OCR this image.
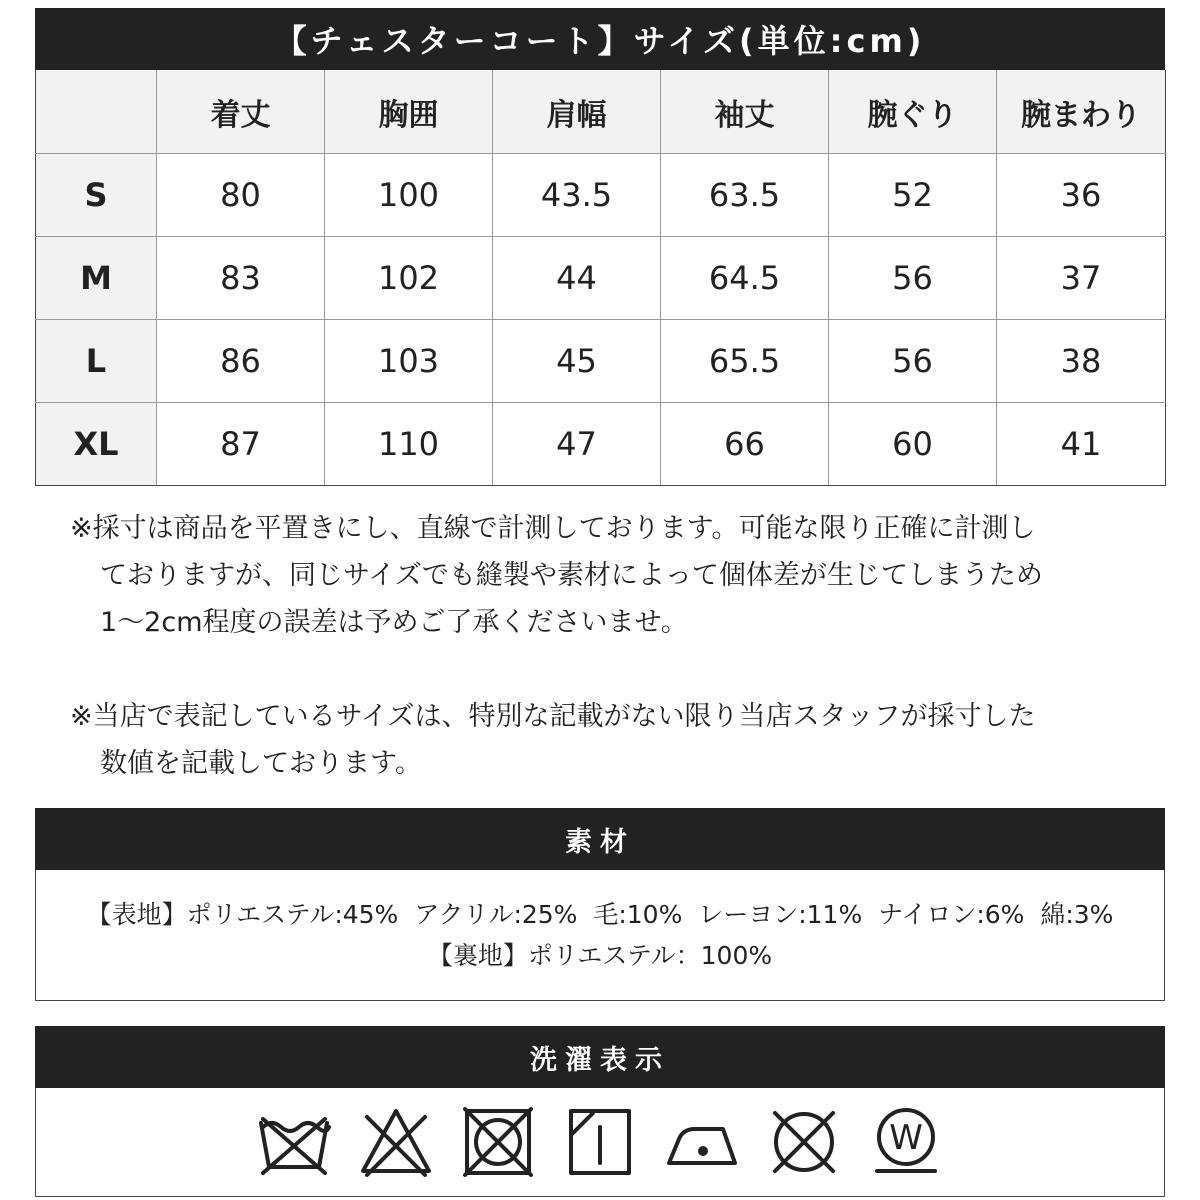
【チェスターコート】サイズ(単位:cm)
	着丈	胸囲	肩幅	袖丈	腕ぐり	腕まわり
S	80	100	43.5	63.5	52	36
M	83	102	44	64.5	56	37
L	86	103	45	65.5	56	38
XL	87	110	47	66	60	41
※採寸は商品を平置きにし、直線で計測しております。可能な限り正確に計測し
ておりますが、同じサイズでも縫製や素材によって個体差が生じてしまうため
1～2cm程度の誤差は予めご了承くださいませ。
※当店で表記しているサイズは、特別な記載がない限り当店スタッフが採寸した
数値を記載しております。
素材
【表地】ポリエステル:45%  アクリル:25%  毛:10%  レーヨン:11%  ナイロン:6%  綿:3%
【裏地】ポリエステル：100%
洗濯表示
W
